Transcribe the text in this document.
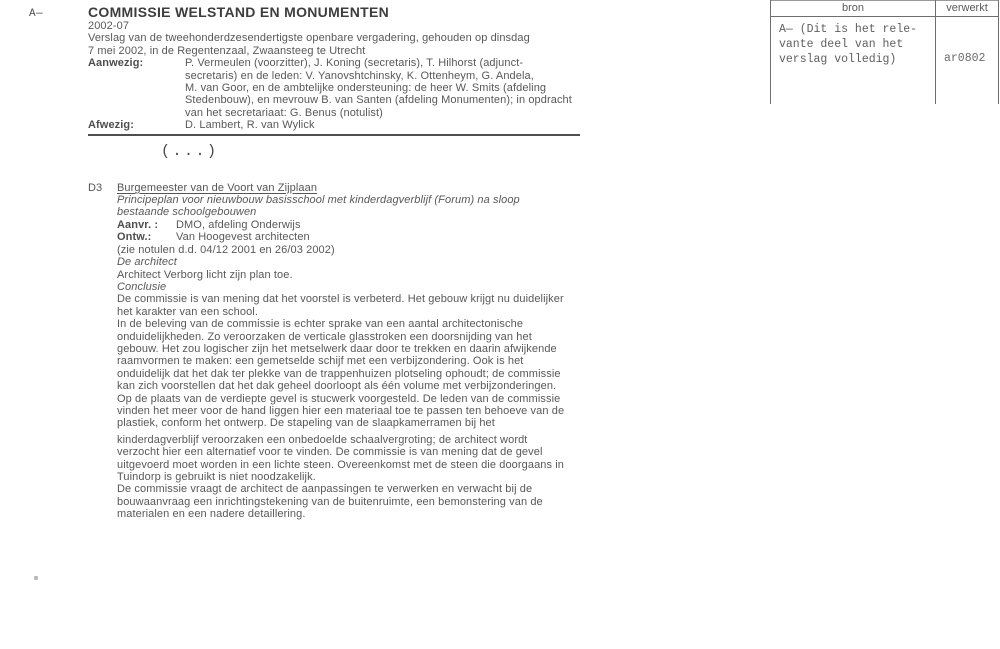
A—	COMMISSIE WELSTAND EN MONUMENTEN
2002-07
Verslag van de tweehonderdzesendertigste openbare vergadering, gehouden op dinsdag
7 mei 2002, in de Regentenzaal, Zwaansteeg te Utrecht
Aanwezig:	P. Vermeulen (voorzitter), J. Koning (secretaris), T. Hilhorst (adjunct-
secretaris) en de leden: V. Yanovshtchinsky, K. Ottenheym, G. Andela,
M. van Goor, en de ambtelijke ondersteuning: de heer W. Smits (afdeling
Stedenbouw), en mevrouw B. van Santen (afdeling Monumenten); in opdracht
van het secretariaat: G. Benus (notulist)
Afwezig:	D. Lambert, R. van Wylick
(...)
D3	Burgemeester van de Voort van Zijplaan
Principeplan voor nieuwbouw basisschool met kinderdagverblijf (Forum) na sloop
bestaande schoolgebouwen
Aanvr. : DMO, afdeling Onderwijs
Ontw.: Van Hoogevest architecten
(zie notulen d.d. 04/12 2001 en 26/03 2002)
De architect
Architect Verborg licht zijn plan toe.
Conclusie
De commissie is van mening dat het voorstel is verbeterd. Het gebouw krijgt nu duidelijker
het karakter van een school.
In de beleving van de commissie is echter sprake van een aantal architectonische
onduidelijkheden. Zo veroorzaken de verticale glasstroken een doorsnijding van het
gebouw. Het zou logischer zijn het metselwerk daar door te trekken en daarin afwijkende
raamvormen te maken: een gemetselde schijf met een verbijzondering. Ook is het
onduidelijk dat het dak ter plekke van de trappenhuizen plotseling ophoudt; de commissie
kan zich voorstellen dat het dak geheel doorloopt als één volume met verbijzonderingen.
Op de plaats van de verdiepte gevel is stucwerk voorgesteld. De leden van de commissie
vinden het meer voor de hand liggen hier een materiaal toe te passen ten behoeve van de
plastiek, conform het ontwerp. De stapeling van de slaapkamerramen bij het
kinderdagverblijf veroorzaken een onbedoelde schaalvergroting; de architect wordt
verzocht hier een alternatief voor te vinden. De commissie is van mening dat de gevel
uitgevoerd moet worden in een lichte steen. Overeenkomst met de steen die doorgaans in
Tuindorp is gebruikt is niet noodzakelijk.
De commissie vraagt de architect de aanpassingen te verwerken en verwacht bij de
bouwaanvraag een inrichtingstekening van de buitenruimte, een bemonstering van de
materialen en een nadere detaillering.
bron	verwerkt
A— (Dit is het rele-
vante deel van het
verslag volledig)	ar0802
